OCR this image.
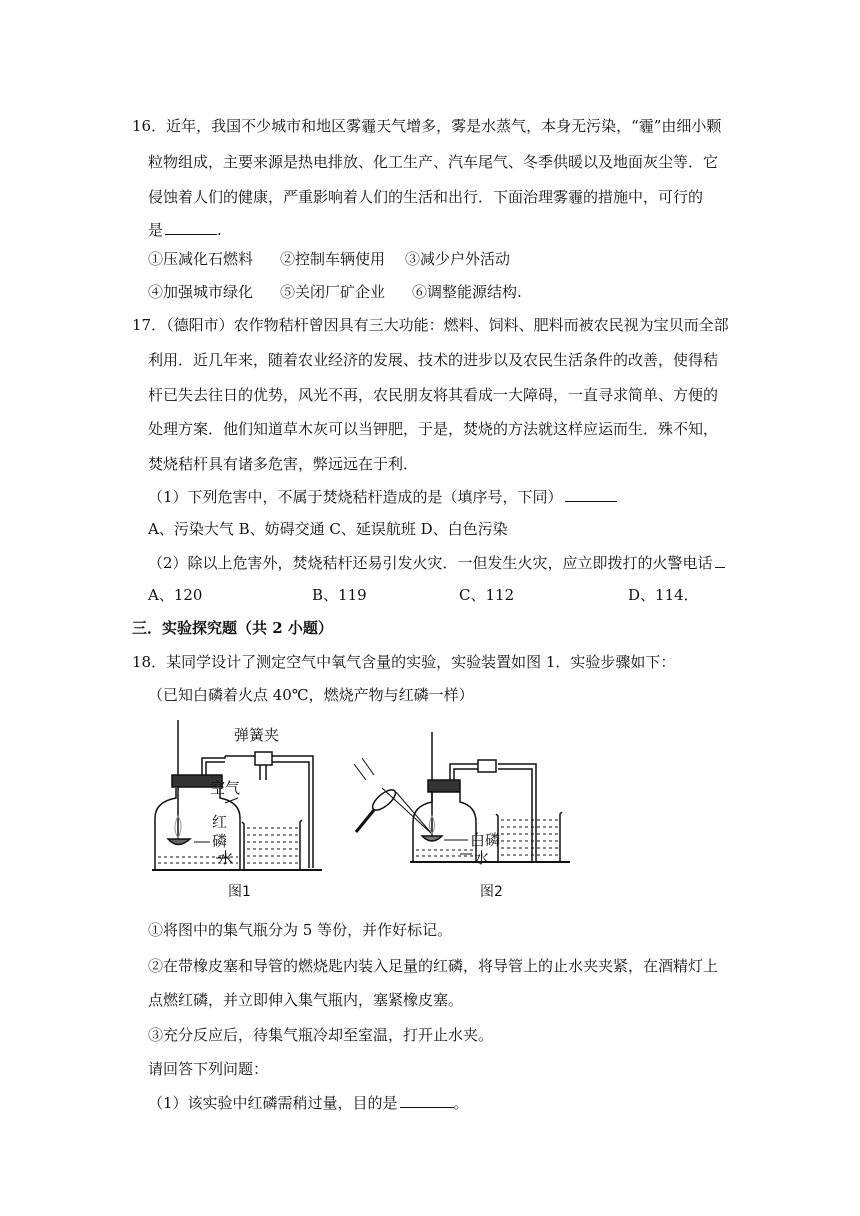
16．近年，我国不少城市和地区雾霾天气增多，雾是水蒸气，本身无污染，“霾”由细小颗
粒物组成，主要来源是热电排放、化工生产、汽车尾气、冬季供暖以及地面灰尘等．它
侵蚀着人们的健康，严重影响着人们的生活和出行．下面治理雾霾的措施中，可行的
是	.
①压减化石燃料 ②控制车辆使用 ③减少户外活动
④加强城市绿化 ⑤关闭厂矿企业 ⑥调整能源结构.
17．（德阳市）农作物秸杆曾因具有三大功能：燃料、饲料、肥料而被农民视为宝贝而全部
利用．近几年来，随着农业经济的发展、技术的进步以及农民生活条件的改善，使得秸
杆已失去往日的优势，风光不再，农民朋友将其看成一大障碍，一直寻求简单、方便的
处理方案．他们知道草木灰可以当钾肥，于是，焚烧的方法就这样应运而生．殊不知，
焚烧秸杆具有诸多危害，弊远远在于利．
（1）下列危害中，不属于焚烧秸杆造成的是（填序号，下同）
A、污染大气 B、妨碍交通 C、延误航班 D、白色污染
（2）除以上危害外，焚烧秸杆还易引发火灾．一但发生火灾，应立即拨打的火警电话
A、120	B、119	C、112	D、114．
三．实验探究题（共 2 小题）
18．某同学设计了测定空气中氧气含量的实验，实验装置如图 1．实验步骤如下：
（已知白磷着火点 40℃，燃烧产物与红磷一样）
弹簧夹
空气
红
磷
水
图1
白磷
水
图2
①将图中的集气瓶分为 5 等份，并作好标记。
②在带橡皮塞和导管的燃烧匙内装入足量的红磷，将导管上的止水夹夹紧，在酒精灯上
点燃红磷，并立即伸入集气瓶内，塞紧橡皮塞。
③充分反应后，待集气瓶冷却至室温，打开止水夹。
请回答下列问题：
（1）该实验中红磷需稍过量，目的是	。
